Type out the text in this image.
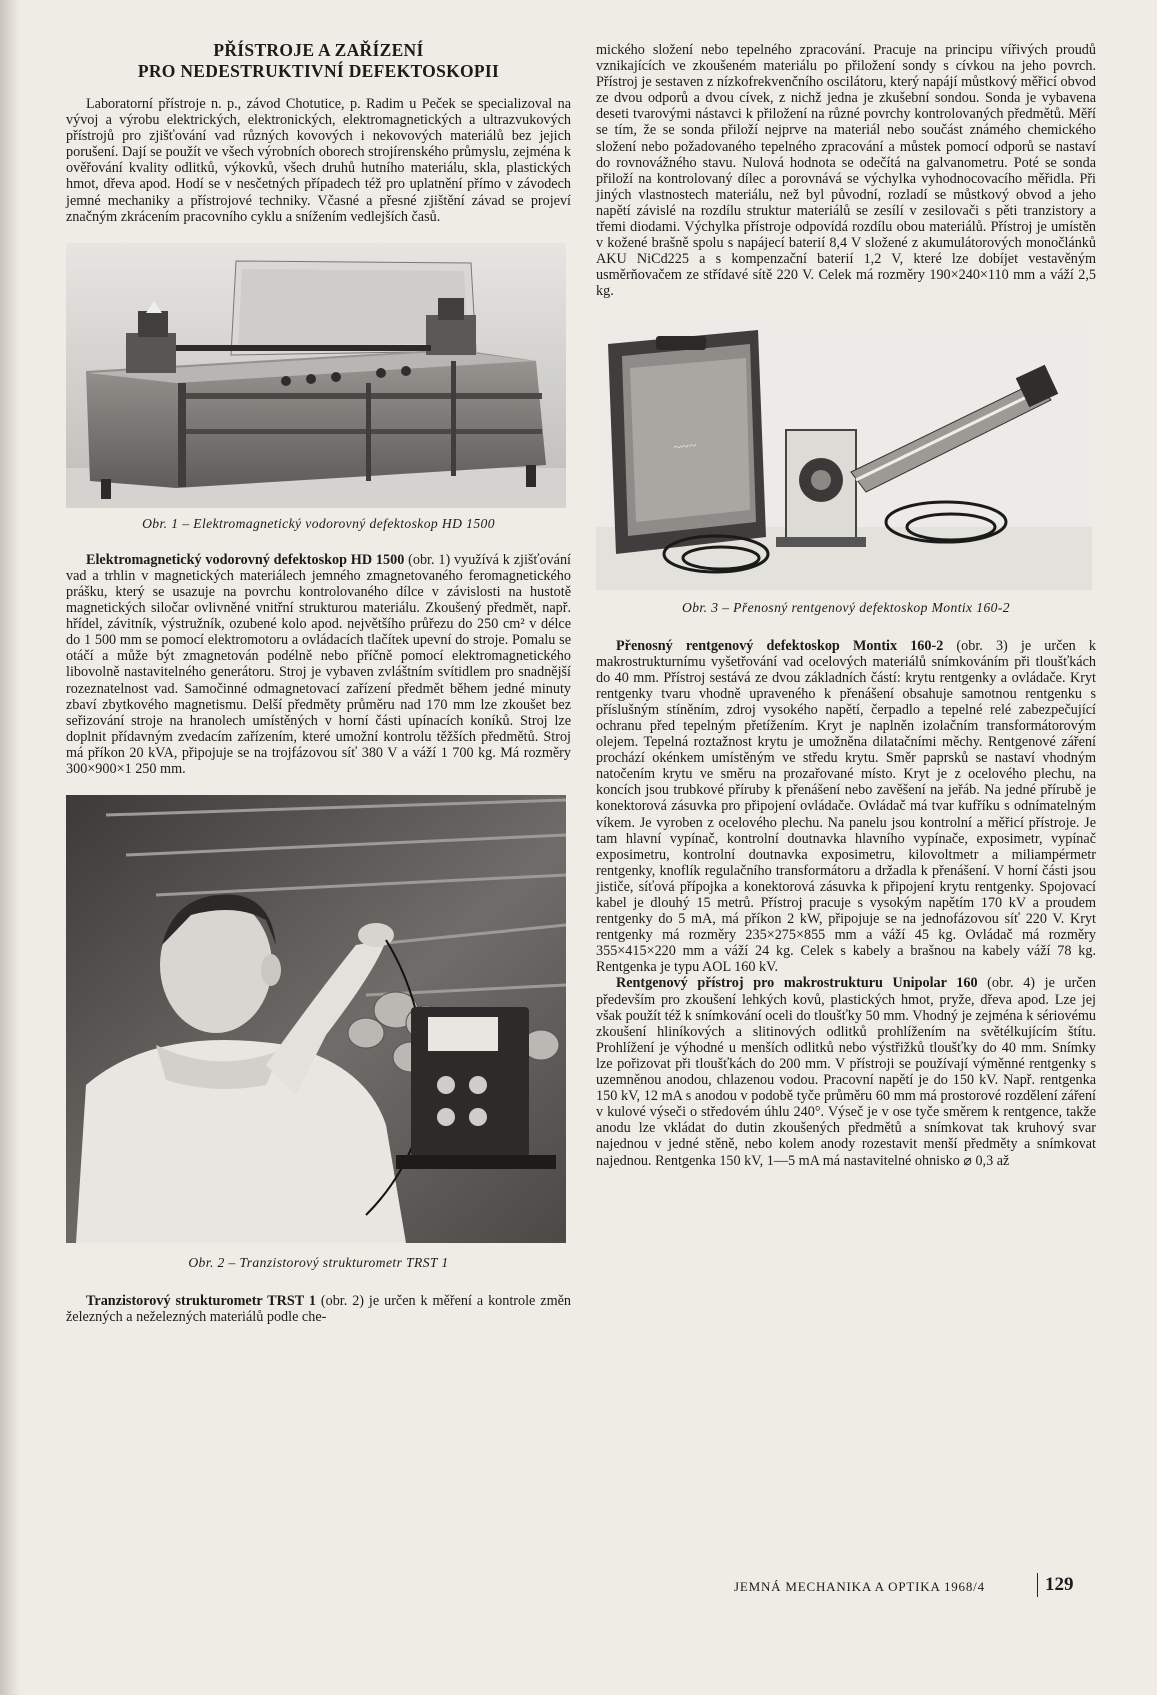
PŘÍSTROJE A ZAŘÍZENÍ
PRO NEDESTRUKTIVNÍ DEFEKTOSKOPII

Laboratorní přístroje n. p., závod Chotutice, p. Radim u Peček se specializoval na vývoj a výrobu elektrických, elektronických, elektromagnetických a ultrazvukových přístrojů pro zjišťování vad různých kovových i nekovových materiálů bez jejich porušení. Dají se použít ve všech výrobních oborech strojírenského průmyslu, zejména k ověřování kvality odlitků, výkovků, všech druhů hutního materiálu, skla, plastických hmot, dřeva apod. Hodí se v nesčetných případech též pro uplatnění přímo v závodech jemné mechaniky a přístrojové techniky. Včasné a přesné zjištění závad se projeví značným zkrácením pracovního cyklu a snížením vedlejších časů.

Obr. 1 – Elektromagnetický vodorovný defektoskop HD 1500

Elektromagnetický vodorovný defektoskop HD 1500 (obr. 1) využívá k zjišťování vad a trhlin v magnetických materiálech jemného zmagnetovaného feromagnetického prášku, který se usazuje na povrchu kontrolovaného dílce v závislosti na hustotě magnetických siločar ovlivněné vnitřní strukturou materiálu. Zkoušený předmět, např. hřídel, závitník, výstružník, ozubené kolo apod. největšího průřezu do 250 cm² v délce do 1 500 mm se pomocí elektromotoru a ovládacích tlačítek upevní do stroje. Pomalu se otáčí a může být zmagnetován podélně nebo příčně pomocí elektromagnetického libovolně nastavitelného generátoru. Stroj je vybaven zvláštním svítidlem pro snadnější rozeznatelnost vad. Samočinné odmagnetovací zařízení předmět během jedné minuty zbaví zbytkového magnetismu. Delší předměty průměru nad 170 mm lze zkoušet bez seřizování stroje na hranolech umístěných v horní části upínacích koníků. Stroj lze doplnit přídavným zvedacím zařízením, které umožní kontrolu těžších předmětů. Stroj má příkon 20 kVA, připojuje se na trojfázovou síť 380 V a váží 1 700 kg. Má rozměry 300×900×1 250 mm.

Obr. 2 – Tranzistorový strukturometr TRST 1

Tranzistorový strukturometr TRST 1 (obr. 2) je určen k měření a kontrole změn železných a neželezných materiálů podle che-

mického složení nebo tepelného zpracování. Pracuje na principu vířivých proudů vznikajících ve zkoušeném materiálu po přiložení sondy s cívkou na jeho povrch. Přístroj je sestaven z nízkofrekvenčního oscilátoru, který napájí můstkový měřicí obvod ze dvou odporů a dvou cívek, z nichž jedna je zkušební sondou. Sonda je vybavena deseti tvarovými nástavci k přiložení na různé povrchy kontrolovaných předmětů. Měří se tím, že se sonda přiloží nejprve na materiál nebo součást známého chemického složení nebo požadovaného tepelného zpracování a můstek pomocí odporů se nastaví do rovnovážného stavu. Nulová hodnota se odečítá na galvanometru. Poté se sonda přiloží na kontrolovaný dílec a porovnává se výchylka vyhodnocovacího měřidla. Při jiných vlastnostech materiálu, než byl původní, rozladí se můstkový obvod a jeho napětí závislé na rozdílu struktur materiálů se zesílí v zesilovači s pěti tranzistory a třemi diodami. Výchylka přístroje odpovídá rozdílu obou materiálů. Přístroj je umístěn v kožené brašně spolu s napájecí baterií 8,4 V složené z akumulátorových monočlánků AKU NiCd225 a s kompenzační baterií 1,2 V, které lze dobíjet vestavěným usměrňovačem ze střídavé sítě 220 V. Celek má rozměry 190×240×110 mm a váží 2,5 kg.

~~~

Obr. 3 – Přenosný rentgenový defektoskop Montix 160-2

Přenosný rentgenový defektoskop Montix 160-2 (obr. 3) je určen k makrostrukturnímu vyšetřování vad ocelových materiálů snímkováním při tloušťkách do 40 mm. Přístroj sestává ze dvou základních částí: krytu rentgenky a ovládače. Kryt rentgenky tvaru vhodně upraveného k přenášení obsahuje samotnou rentgenku s příslušným stíněním, zdroj vysokého napětí, čerpadlo a tepelné relé zabezpečující ochranu před tepelným přetížením. Kryt je naplněn izolačním transformátorovým olejem. Tepelná roztažnost krytu je umožněna dilatačními měchy. Rentgenové záření prochází okénkem umístěným ve středu krytu. Směr paprsků se nastaví vhodným natočením krytu ve směru na prozařované místo. Kryt je z ocelového plechu, na koncích jsou trubkové příruby k přenášení nebo zavěšení na jeřáb. Na jedné přírubě je konektorová zásuvka pro připojení ovládače. Ovládač má tvar kufříku s odnímatelným víkem. Je vyroben z ocelového plechu. Na panelu jsou kontrolní a měřicí přístroje. Je tam hlavní vypínač, kontrolní doutnavka hlavního vypínače, exposimetr, vypínač exposimetru, kontrolní doutnavka exposimetru, kilovoltmetr a miliampérmetr rentgenky, knoflík regulačního transformátoru a držadla k přenášení. V horní části jsou jističe, síťová přípojka a konektorová zásuvka k připojení krytu rentgenky. Spojovací kabel je dlouhý 15 metrů. Přístroj pracuje s vysokým napětím 170 kV a proudem rentgenky do 5 mA, má příkon 2 kW, připojuje se na jednofázovou síť 220 V. Kryt rentgenky má rozměry 235×275×855 mm a váží 45 kg. Ovládač má rozměry 355×415×220 mm a váží 24 kg. Celek s kabely a brašnou na kabely váží 78 kg. Rentgenka je typu AOL 160 kV.

Rentgenový přístroj pro makrostrukturu Unipolar 160 (obr. 4) je určen především pro zkoušení lehkých kovů, plastických hmot, pryže, dřeva apod. Lze jej však použít též k snímkování oceli do tloušťky 50 mm. Vhodný je zejména k sériovému zkoušení hliníkových a slitinových odlitků prohlížením na světélkujícím štítu. Prohlížení je výhodné u menších odlitků nebo výstřižků tloušťky do 40 mm. Snímky lze pořizovat při tloušťkách do 200 mm. V přístroji se používají výměnné rentgenky s uzemněnou anodou, chlazenou vodou. Pracovní napětí je do 150 kV. Např. rentgenka 150 kV, 12 mA s anodou v podobě tyče průměru 60 mm má prostorové rozdělení záření v kulové výseči o středovém úhlu 240°. Výseč je v ose tyče směrem k rentgence, takže anodu lze vkládat do dutin zkoušených předmětů a snímkovat tak kruhový svar najednou v jedné stěně, nebo kolem anody rozestavit menší předměty a snímkovat najednou. Rentgenka 150 kV, 1—5 mA má nastavitelné ohnisko ⌀ 0,3 až

JEMNÁ MECHANIKA A OPTIKA 1968/4	129
